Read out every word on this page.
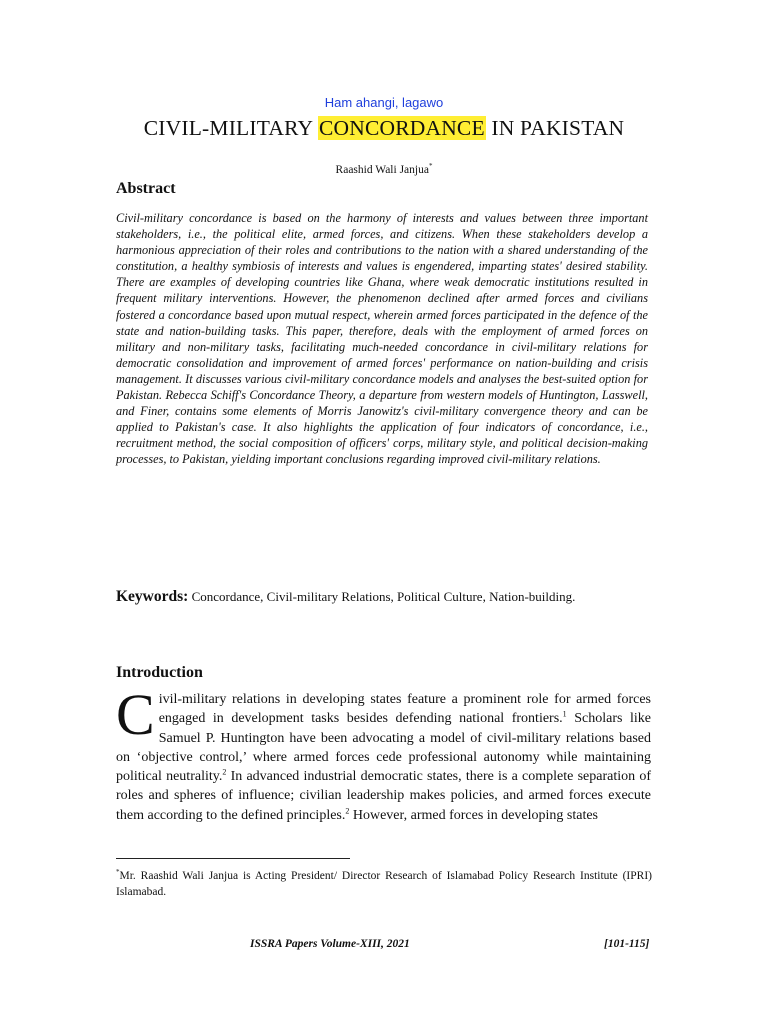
Ham ahangi, lagawo
CIVIL-MILITARY CONCORDANCE IN PAKISTAN
Raashid Wali Janjua*
Abstract

Civil-military concordance is based on the harmony of interests and values between three important stakeholders, i.e., the political elite, armed forces, and citizens. When these stakeholders develop a harmonious appreciation of their roles and contributions to the nation with a shared understanding of the constitution, a healthy symbiosis of interests and values is engendered, imparting states' desired stability. There are examples of developing countries like Ghana, where weak democratic institutions resulted in frequent military interventions. However, the phenomenon declined after armed forces and civilians fostered a concordance based upon mutual respect, wherein armed forces participated in the defence of the state and nation-building tasks. This paper, therefore, deals with the employment of armed forces on military and non-military tasks, facilitating much-needed concordance in civil-military relations for democratic consolidation and improvement of armed forces' performance on nation-building and crisis management. It discusses various civil-military concordance models and analyses the best-suited option for Pakistan. Rebecca Schiff's Concordance Theory, a departure from western models of Huntington, Lasswell, and Finer, contains some elements of Morris Janowitz's civil-military convergence theory and can be applied to Pakistan's case. It also highlights the application of four indicators of concordance, i.e., recruitment method, the social composition of officers' corps, military style, and political decision-making processes, to Pakistan, yielding important conclusions regarding improved civil-military relations.

Keywords: Concordance, Civil-military Relations, Political Culture, Nation-building.

Introduction

Civil-military relations in developing states feature a prominent role for armed forces engaged in development tasks besides defending national frontiers.$^1$ Scholars like Samuel P. Huntington have been advocating a model of civil-military relations based on ‘objective control,’ where armed forces cede professional autonomy while maintaining political neutrality.$^2$ In advanced industrial democratic states, there is a complete separation of roles and spheres of influence; civilian leadership makes policies, and armed forces execute them according to the defined principles.$^2$ However, armed forces in developing states

*Mr. Raashid Wali Janjua is Acting President/ Director Research of Islamabad Policy Research Institute (IPRI) Islamabad.

ISSRA Papers Volume-XIII, 2021	[101-115]
